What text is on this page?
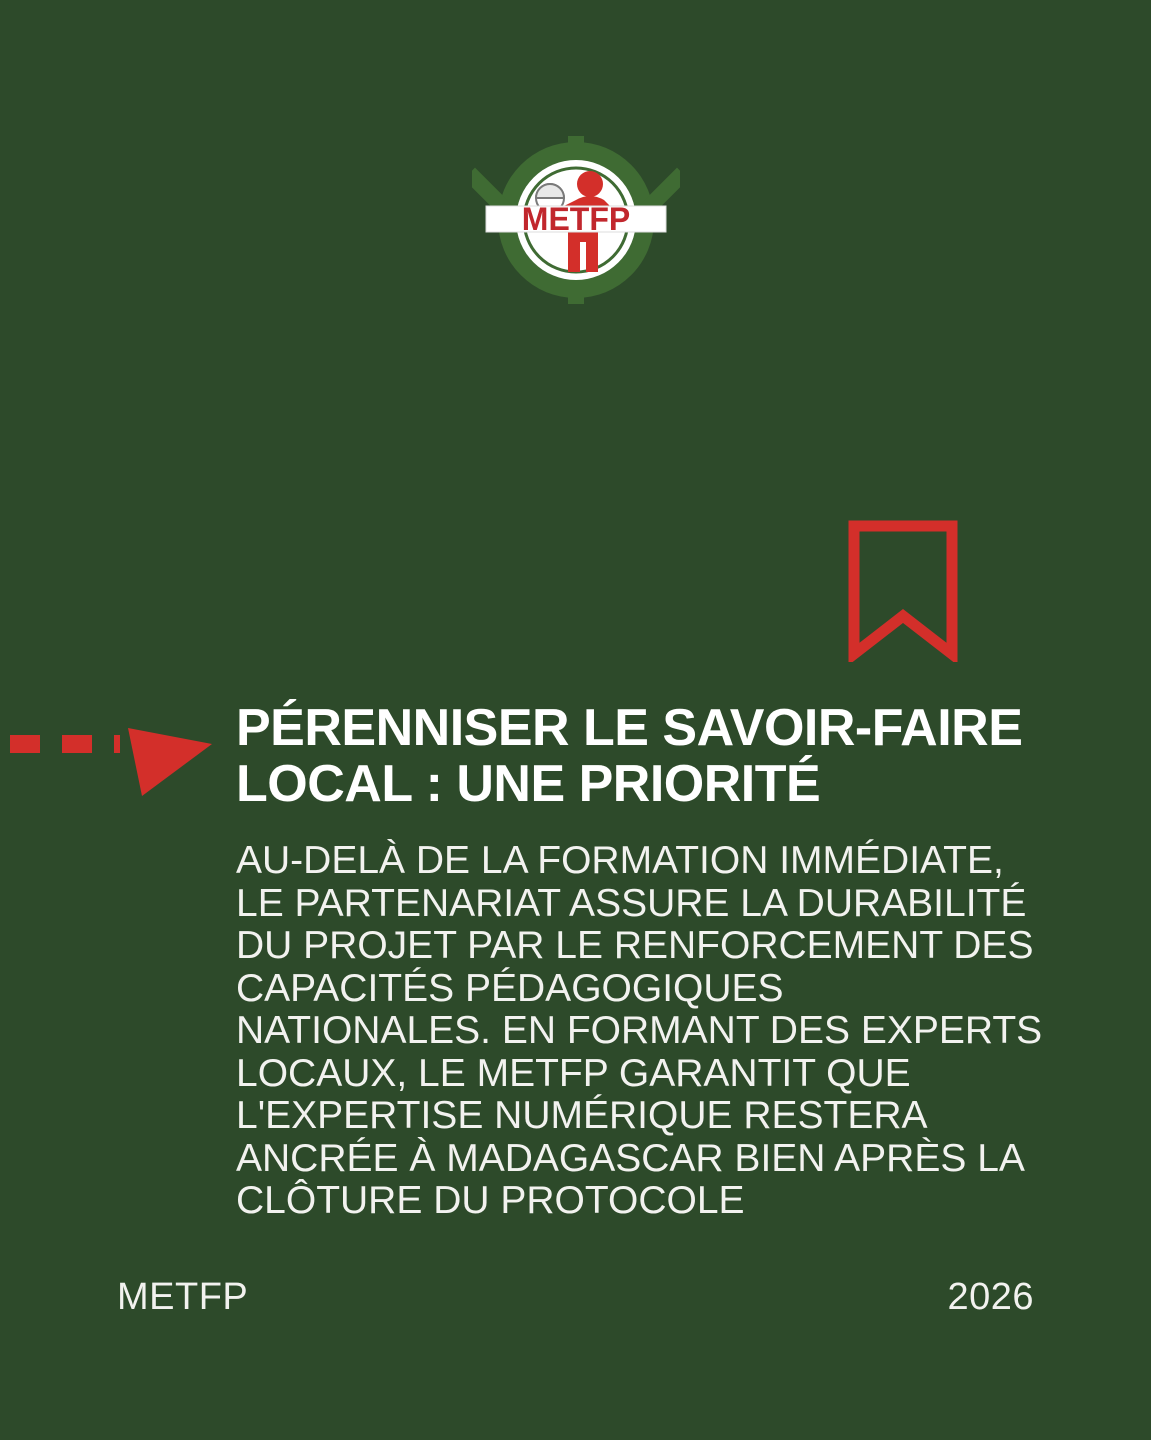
METFP
PÉRENNISER LE SAVOIR-FAIRE LOCAL : UNE PRIORITÉ

AU-DELÀ DE LA FORMATION IMMÉDIATE, LE PARTENARIAT ASSURE LA DURABILITÉ DU PROJET PAR LE RENFORCEMENT DES CAPACITÉS PÉDAGOGIQUES NATIONALES. EN FORMANT DES EXPERTS LOCAUX, LE METFP GARANTIT QUE L'EXPERTISE NUMÉRIQUE RESTERA ANCRÉE À MADAGASCAR BIEN APRÈS LA CLÔTURE DU PROTOCOLE

METFP	2026
